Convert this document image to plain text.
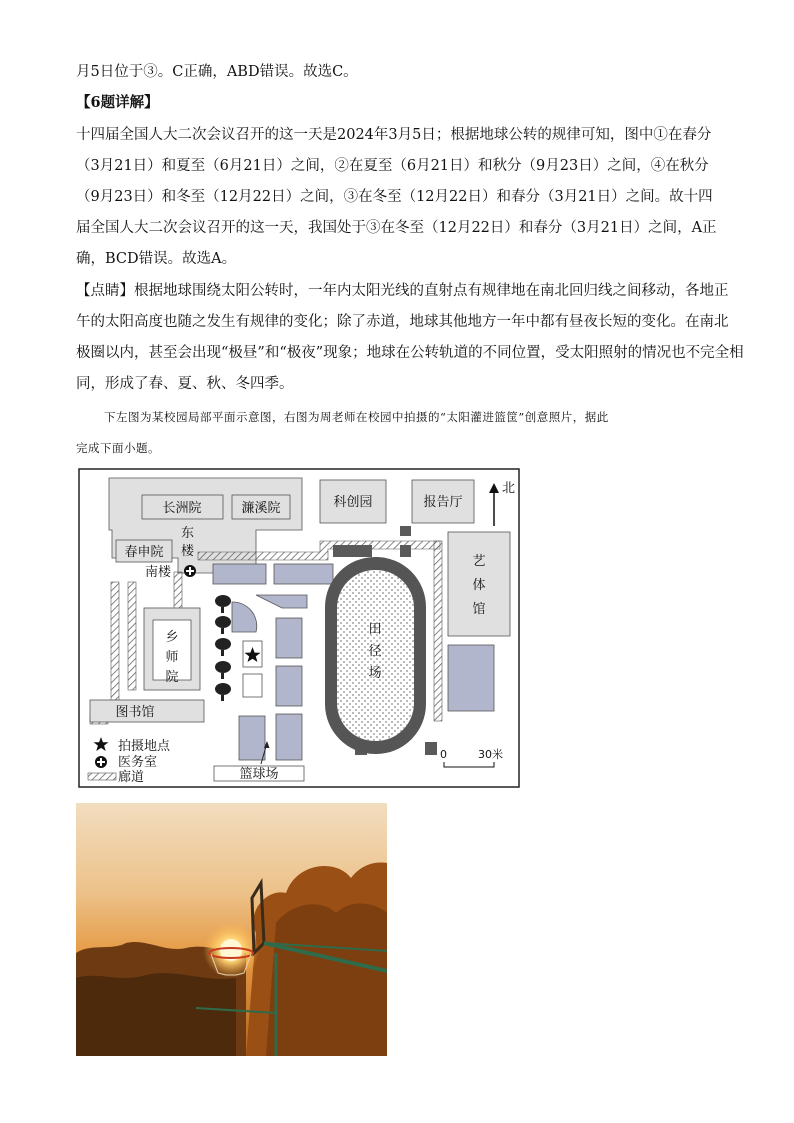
月5日位于③。C正确，ABD错误。故选C。
【6题详解】
十四届全国人大二次会议召开的这一天是2024年3月5日；根据地球公转的规律可知，图中①在春分
（3月21日）和夏至（6月21日）之间，②在夏至（6月21日）和秋分（9月23日）之间，④在秋分
（9月23日）和冬至（12月22日）之间，③在冬至（12月22日）和春分（3月21日）之间。故十四
届全国人大二次会议召开的这一天，我国处于③在冬至（12月22日）和春分（3月21日）之间，A正
确，BCD错误。故选A。
【点睛】根据地球围绕太阳公转时，一年内太阳光线的直射点有规律地在南北回归线之间移动，各地正
午的太阳高度也随之发生有规律的变化；除了赤道，地球其他地方一年中都有昼夜长短的变化。在南北
极圈以内，甚至会出现“极昼”和“极夜”现象；地球在公转轨道的不同位置，受太阳照射的情况也不完全相
同，形成了春、夏、秋、冬四季。
下左图为某校园局部平面示意图，右图为周老师在校园中拍摄的“太阳灌进篮筐”创意照片，据此
完成下面小题。
长洲院	濂溪院	科创园	报告厅
北
东
楼
春申院
南楼
图书馆
篮球场
拍摄地点
医务室
廊道
0	30米
乡师院
艺体馆
田径场
